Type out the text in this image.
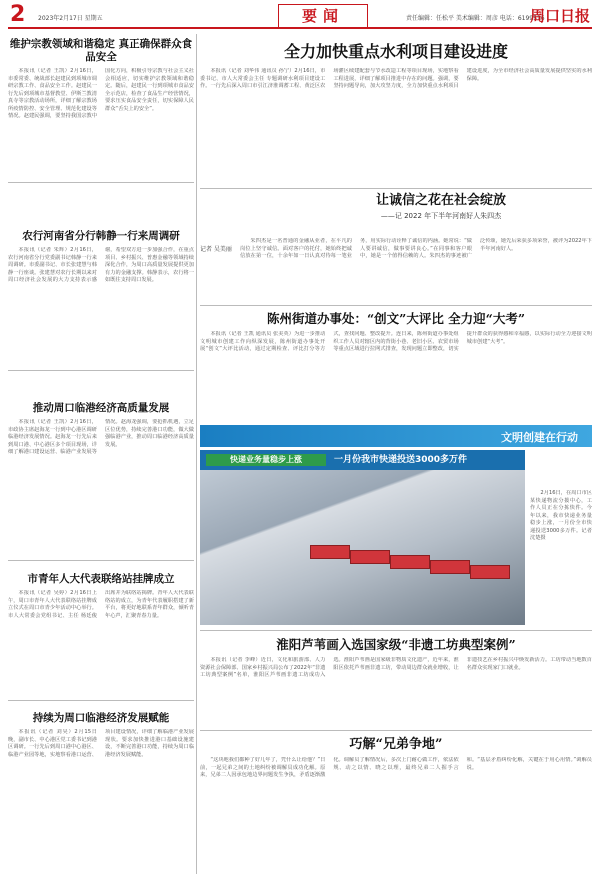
2 2023年2月17日 星期五	要闻	责任编辑：任松平 美术编辑：周彦 电话：6199516
周口日报
维护宗教领域和谐稳定 真正确保群众食品安全

本报讯（记者 王凯）2月16日，市委常委、统战部长赵建民到项城市调研宗教工作、食品安全工作。赵建民一行先后到项城市基督教堂、伊斯兰教清真寺等宗教活动场所，详细了解宗教场所疫情防控、安全管理、规范化建设等情况。赵建民强调，要坚持我国宗教中国化方向，积极引导宗教与社会主义社会相适应，切实维护宗教领域和谐稳定。随后，赵建民一行到项城市食品安全示范店，检查了食品生产经营情况，要求压实食品安全责任，切实保障人民群众“舌尖上的安全”。

农行河南省分行韩静一行来周调研

本报讯（记者 朱辉）2月16日，农行河南省分行党委副书记韩静一行来周调研。市委副书记、市长张建慧与韩静一行座谈。张建慧对农行长期以来对周口经济社会发展的大力支持表示感谢，希望双方进一步加强合作，在重点项目、乡村振兴、普惠金融等领域持续深化合作，为周口高质量发展提供更加有力的金融支撑。韩静表示，农行将一如既往支持周口发展。

推动周口临港经济高质量发展

本报讯（记者 王凯）2月16日，市政协主席赵海龙一行到中心港区调研临港经济发展情况。赵海龙一行先后来到周口港、中心港区多个项目现场，详细了解港口建设运营、临港产业发展等情况。赵海龙强调，要抢抓机遇，立足区位优势，持续完善港口功能，做大做强临港产业，推动周口临港经济高质量发展。

市青年人大代表联络站挂牌成立

本报讯（记者 吴婷）2月16日上午，周口市青年人大代表联络站挂牌成立仪式在周口市青少年活动中心举行。市人大常委会党组书记、主任 杨廷俊出席并为联络站揭牌。青年人大代表联络站的成立，为青年代表履职搭建了新平台，将更好地联系青年群众，倾听青年心声，汇聚青春力量。

持续为周口临港经济发展赋能

本报讯（记者 刘昊）2月15日晚，副市长、中心港区党工委书记到港区调研。一行先后到周口港中心港区、临港产业园等地，实地察看港口运营、项目建设情况，详细了解临港产业发展现状。要求加快推进港口基础设施建设，不断完善港口功能，持续为周口临港经济发展赋能。

全力加快重点水利项目建设进度

本报讯（记者 刘华伟 通讯员 孙宁）2月16日，市委书记、市人大常委会主任 专题调研水利项目建设工作。一行先后深入周口市引江济淮调蓄工程、黄泛区农场灌区续建配套与节水改造工程等项目现场，实地察看工程进展，详细了解项目推进中存在的问题。强调，要坚持问题导向，加大攻坚力度，全力加快重点水利项目建设进度，为全市经济社会高质量发展提供坚实的水利保障。

让诚信之花在社会绽放
——记 2022 年下半年河南好人朱四杰
记者 吴美丽

朱四杰是一名普通的金融从业者，在平凡的岗位上坚守诚信。面对客户的托付，她始终把诚信放在第一位，十余年如一日认真对待每一笔业务，用实际行动诠释了诚信的内涵。她常说：“做人要讲诚信，做事要讲良心。”在同事和客户眼中，她是一个值得信赖的人。朱四杰的事迹被广泛传颂，她先后荣获多项荣誉，被评为2022年下半年河南好人。

陈州街道办事处：“创文”大评比 全力迎“大考”

本报讯（记者 王凯 通讯员 张美英）为进一步推动文明城市创建工作向纵深发展，陈州街道办事处开展“创文”大评比活动，通过定期检查、评比打分等方式，查找问题、整改提升。连日来，陈州街道办事处组织工作人员对辖区内的背街小巷、老旧小区、农贸市场等重点区域进行拉网式排查，发现问题立即整改，切实提升群众的获得感和幸福感，以实际行动全力迎接文明城市创建“大考”。

文明创建在行动
快递业务量稳步上涨	一月份我市快递投送3000多万件

2月16日，在周口市区某快递物流分拨中心，工作人员正在分拣快件。今年以来，我市快递业务量稳步上涨，一月份全市快递投送3000多万件。记者 沈楚摄

淮阳芦苇画入选国家级“非遗工坊典型案例”

本报讯（记者 李峰）近日，文化和旅游部、人力资源社会保障部、国家乡村振兴局公布了2022年“非遗工坊典型案例”名单，淮阳区芦苇画非遗工坊成功入选。淮阳芦苇画是国家级非物质文化遗产，近年来，淮阳区依托芦苇画非遗工坊，带动周边群众就业增收，让非遗技艺在乡村振兴中焕发新活力。工坊带动当地数百名群众实现家门口就业。

巧解“兄弟争地”

“这块地我们都种了好几年了，凭什么让给他？”日前，一起兄弟之间的土地纠纷被调解员成功化解。原来，兄弟二人因承包地边界问题发生争执，矛盾逐渐激化。调解员了解情况后，多次上门耐心做工作，依法依规、动之以情、晓之以理，最终兄弟二人握手言和。“基层矛盾纠纷化解，关键在于用心用情。”调解员说。
